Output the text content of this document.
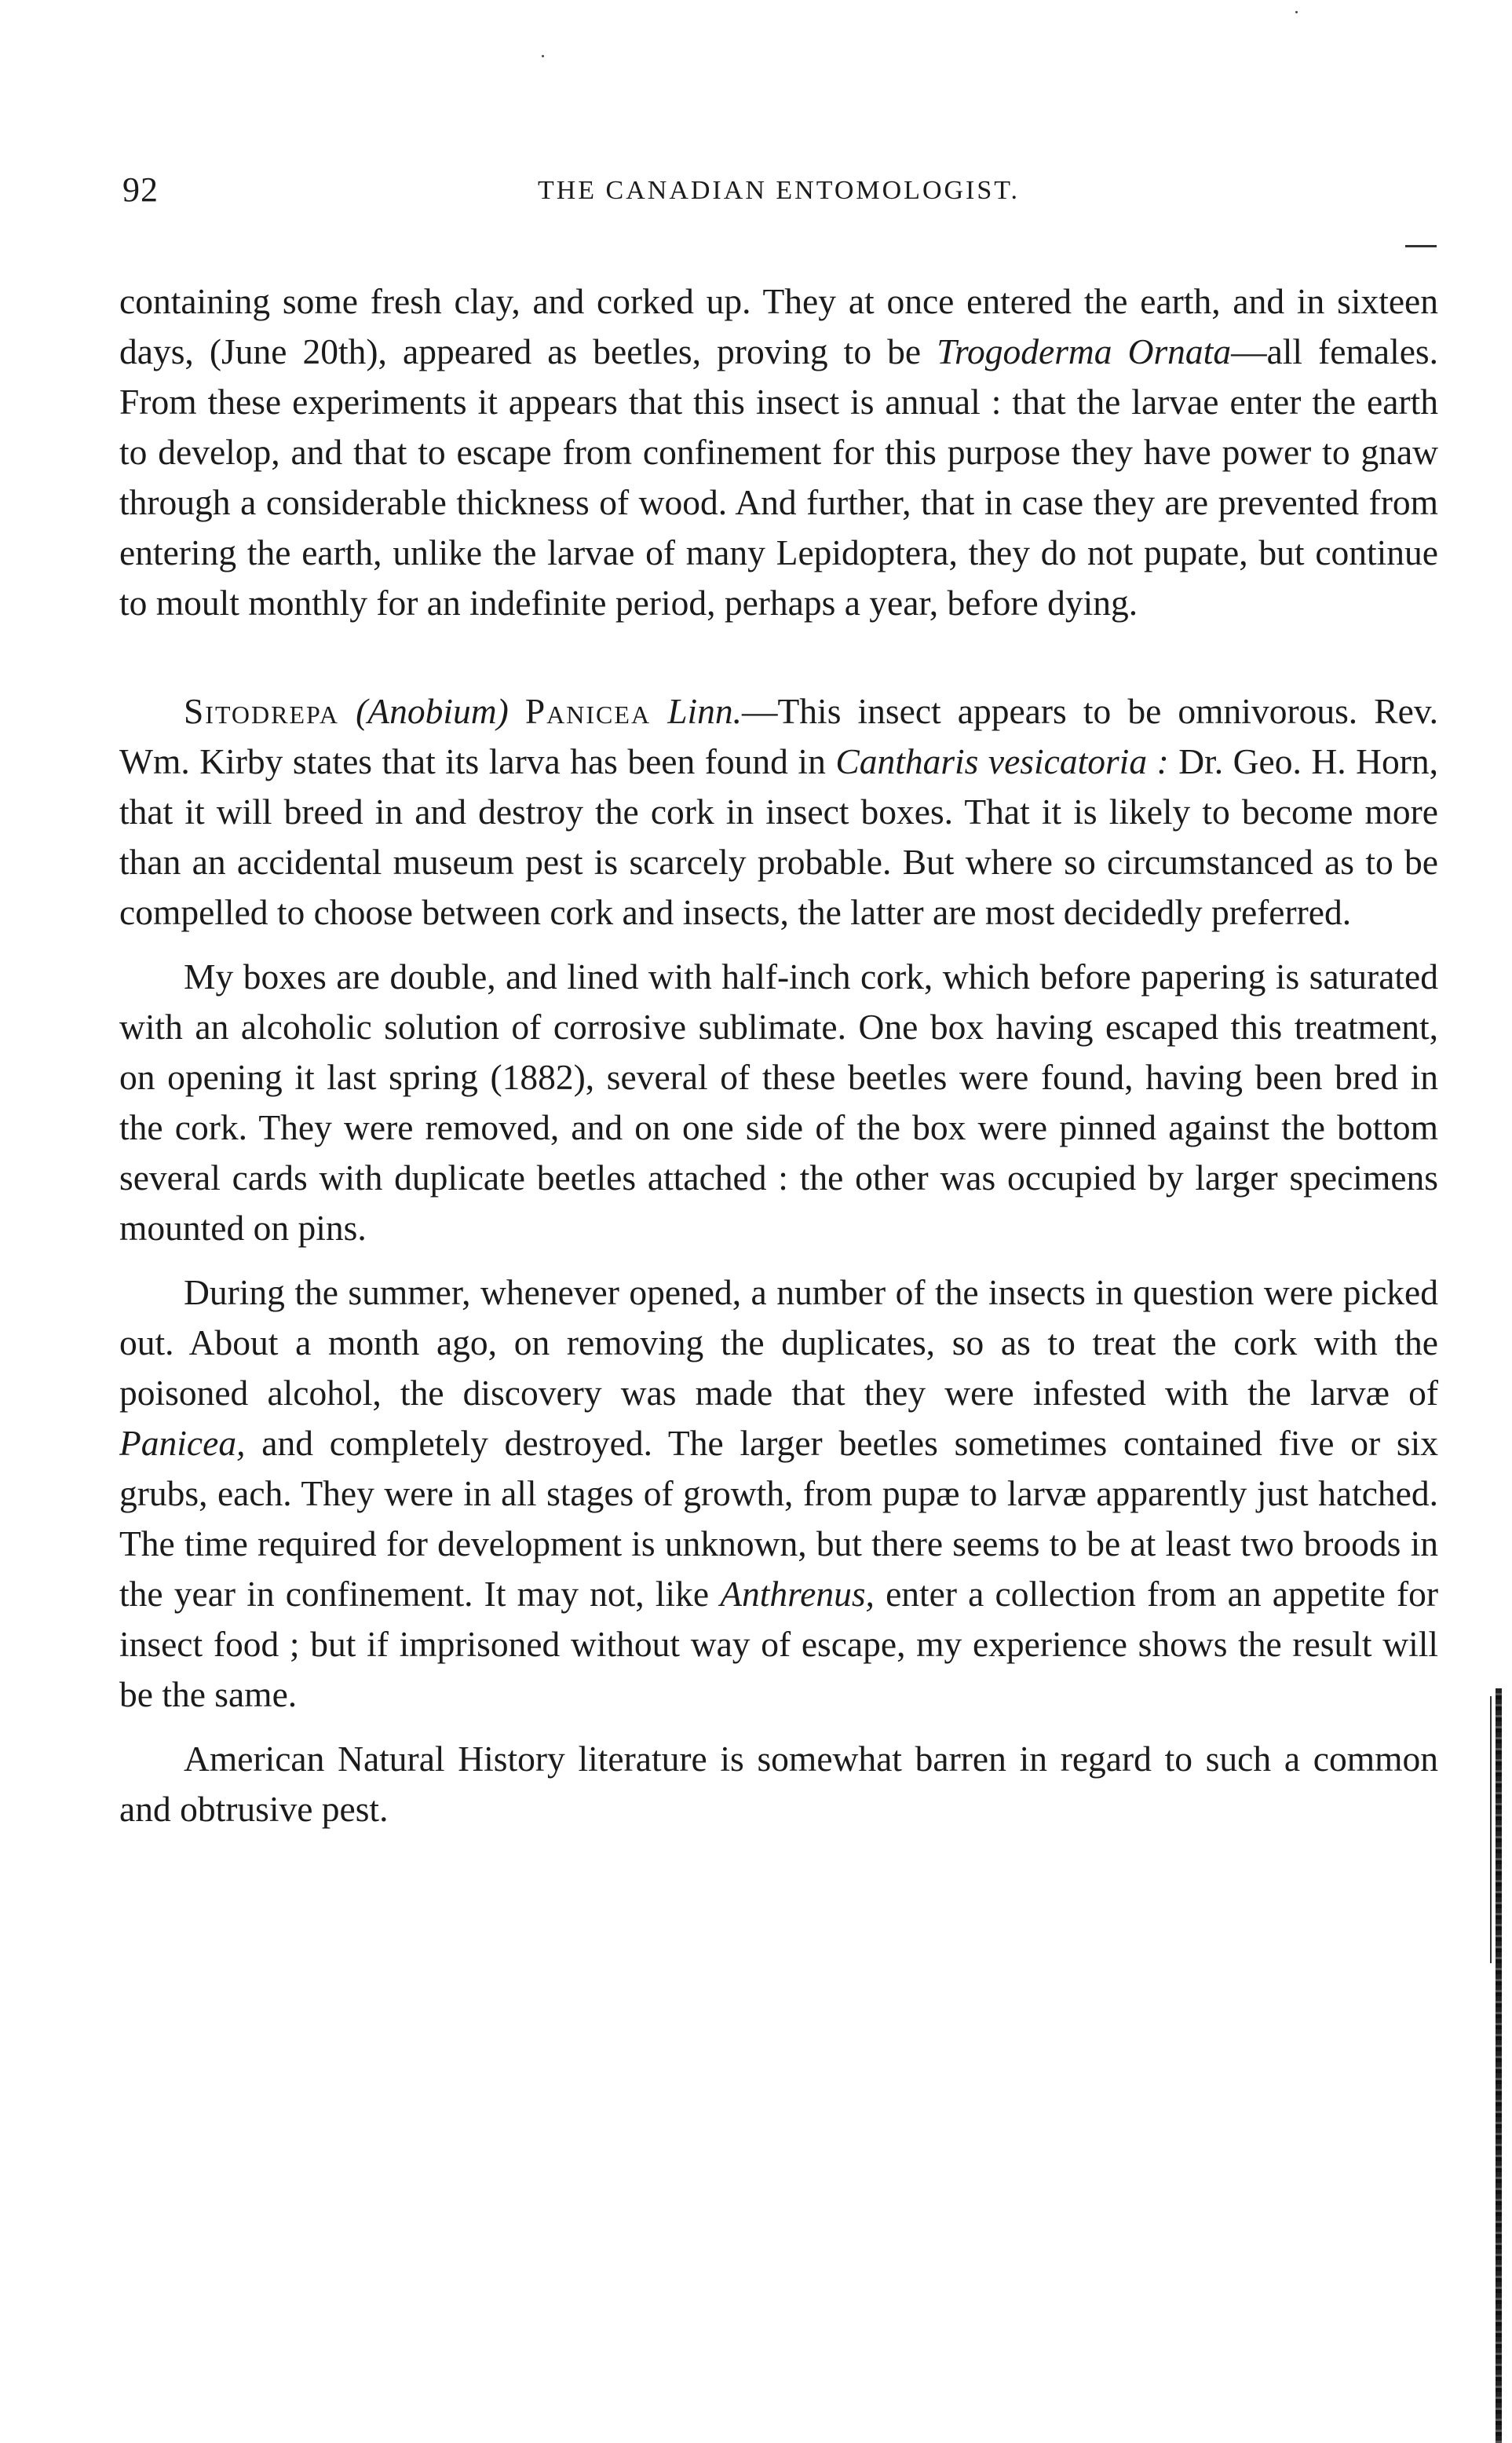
92	THE CANADIAN ENTOMOLOGIST.

containing some fresh clay, and corked up. They at once entered the earth, and in sixteen days, (June 20th), appeared as beetles, proving to be Trogoderma Ornata—all females. From these experiments it appears that this insect is annual : that the larvae enter the earth to develop, and that to escape from confinement for this purpose they have power to gnaw through a considerable thickness of wood. And further, that in case they are prevented from entering the earth, unlike the larvae of many Lepidoptera, they do not pupate, but continue to moult monthly for an indefinite period, perhaps a year, before dying.

Sitodrepa (Anobium) Panicea Linn.—This insect appears to be omnivorous. Rev. Wm. Kirby states that its larva has been found in Cantharis vesicatoria : Dr. Geo. H. Horn, that it will breed in and destroy the cork in insect boxes. That it is likely to become more than an accidental museum pest is scarcely probable. But where so circumstanced as to be compelled to choose between cork and insects, the latter are most decidedly preferred.

My boxes are double, and lined with half-inch cork, which before papering is saturated with an alcoholic solution of corrosive sublimate. One box having escaped this treatment, on opening it last spring (1882), several of these beetles were found, having been bred in the cork. They were removed, and on one side of the box were pinned against the bottom several cards with duplicate beetles attached : the other was occupied by larger specimens mounted on pins.

During the summer, whenever opened, a number of the insects in question were picked out. About a month ago, on removing the duplicates, so as to treat the cork with the poisoned alcohol, the discovery was made that they were infested with the larvæ of Panicea, and completely destroyed. The larger beetles sometimes contained five or six grubs, each. They were in all stages of growth, from pupæ to larvæ apparently just hatched. The time required for development is unknown, but there seems to be at least two broods in the year in confinement. It may not, like Anthrenus, enter a collection from an appetite for insect food ; but if imprisoned without way of escape, my experience shows the result will be the same.

American Natural History literature is somewhat barren in regard to such a common and obtrusive pest.
